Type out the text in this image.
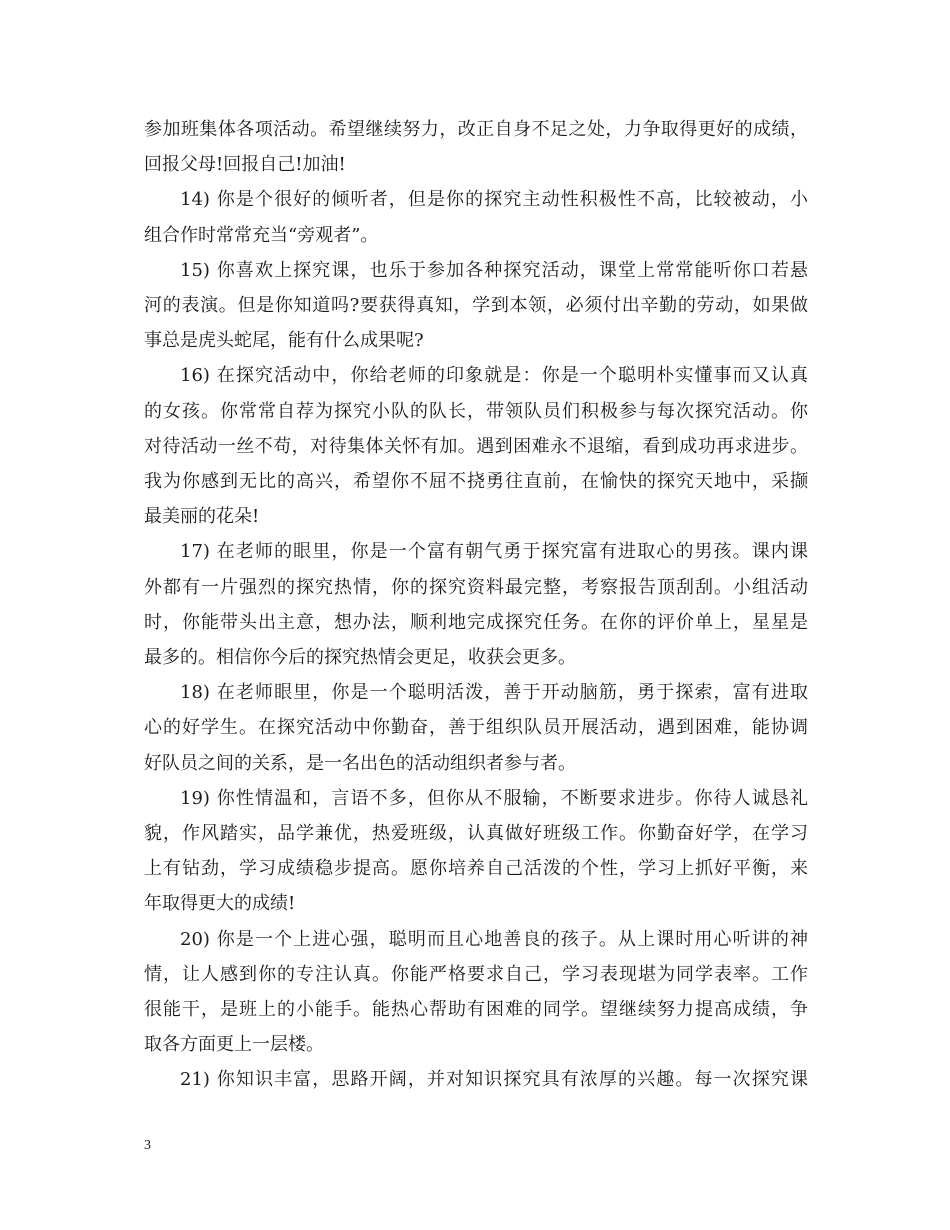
参加班集体各项活动。希望继续努力，改正自身不足之处，力争取得更好的成绩，
回报父母!回报自己!加油!

14) 你是个很好的倾听者，但是你的探究主动性积极性不高，比较被动，小
组合作时常常充当“旁观者”。

15) 你喜欢上探究课，也乐于参加各种探究活动，课堂上常常能听你口若悬
河的表演。但是你知道吗?要获得真知，学到本领，必须付出辛勤的劳动，如果做
事总是虎头蛇尾，能有什么成果呢?

16) 在探究活动中，你给老师的印象就是：你是一个聪明朴实懂事而又认真
的女孩。你常常自荐为探究小队的队长，带领队员们积极参与每次探究活动。你
对待活动一丝不苟，对待集体关怀有加。遇到困难永不退缩，看到成功再求进步。
我为你感到无比的高兴，希望你不屈不挠勇往直前，在愉快的探究天地中，采撷
最美丽的花朵!

17) 在老师的眼里，你是一个富有朝气勇于探究富有进取心的男孩。课内课
外都有一片强烈的探究热情，你的探究资料最完整，考察报告顶刮刮。小组活动
时，你能带头出主意，想办法，顺利地完成探究任务。在你的评价单上，星星是
最多的。相信你今后的探究热情会更足，收获会更多。

18) 在老师眼里，你是一个聪明活泼，善于开动脑筋，勇于探索，富有进取
心的好学生。在探究活动中你勤奋，善于组织队员开展活动，遇到困难，能协调
好队员之间的关系，是一名出色的活动组织者参与者。

19) 你性情温和，言语不多，但你从不服输，不断要求进步。你待人诚恳礼
貌，作风踏实，品学兼优，热爱班级，认真做好班级工作。你勤奋好学，在学习
上有钻劲，学习成绩稳步提高。愿你培养自己活泼的个性，学习上抓好平衡，来
年取得更大的成绩!

20) 你是一个上进心强，聪明而且心地善良的孩子。从上课时用心听讲的神
情，让人感到你的专注认真。你能严格要求自己，学习表现堪为同学表率。工作
很能干，是班上的小能手。能热心帮助有困难的同学。望继续努力提高成绩，争
取各方面更上一层楼。

21) 你知识丰富，思路开阔，并对知识探究具有浓厚的兴趣。每一次探究课

3
